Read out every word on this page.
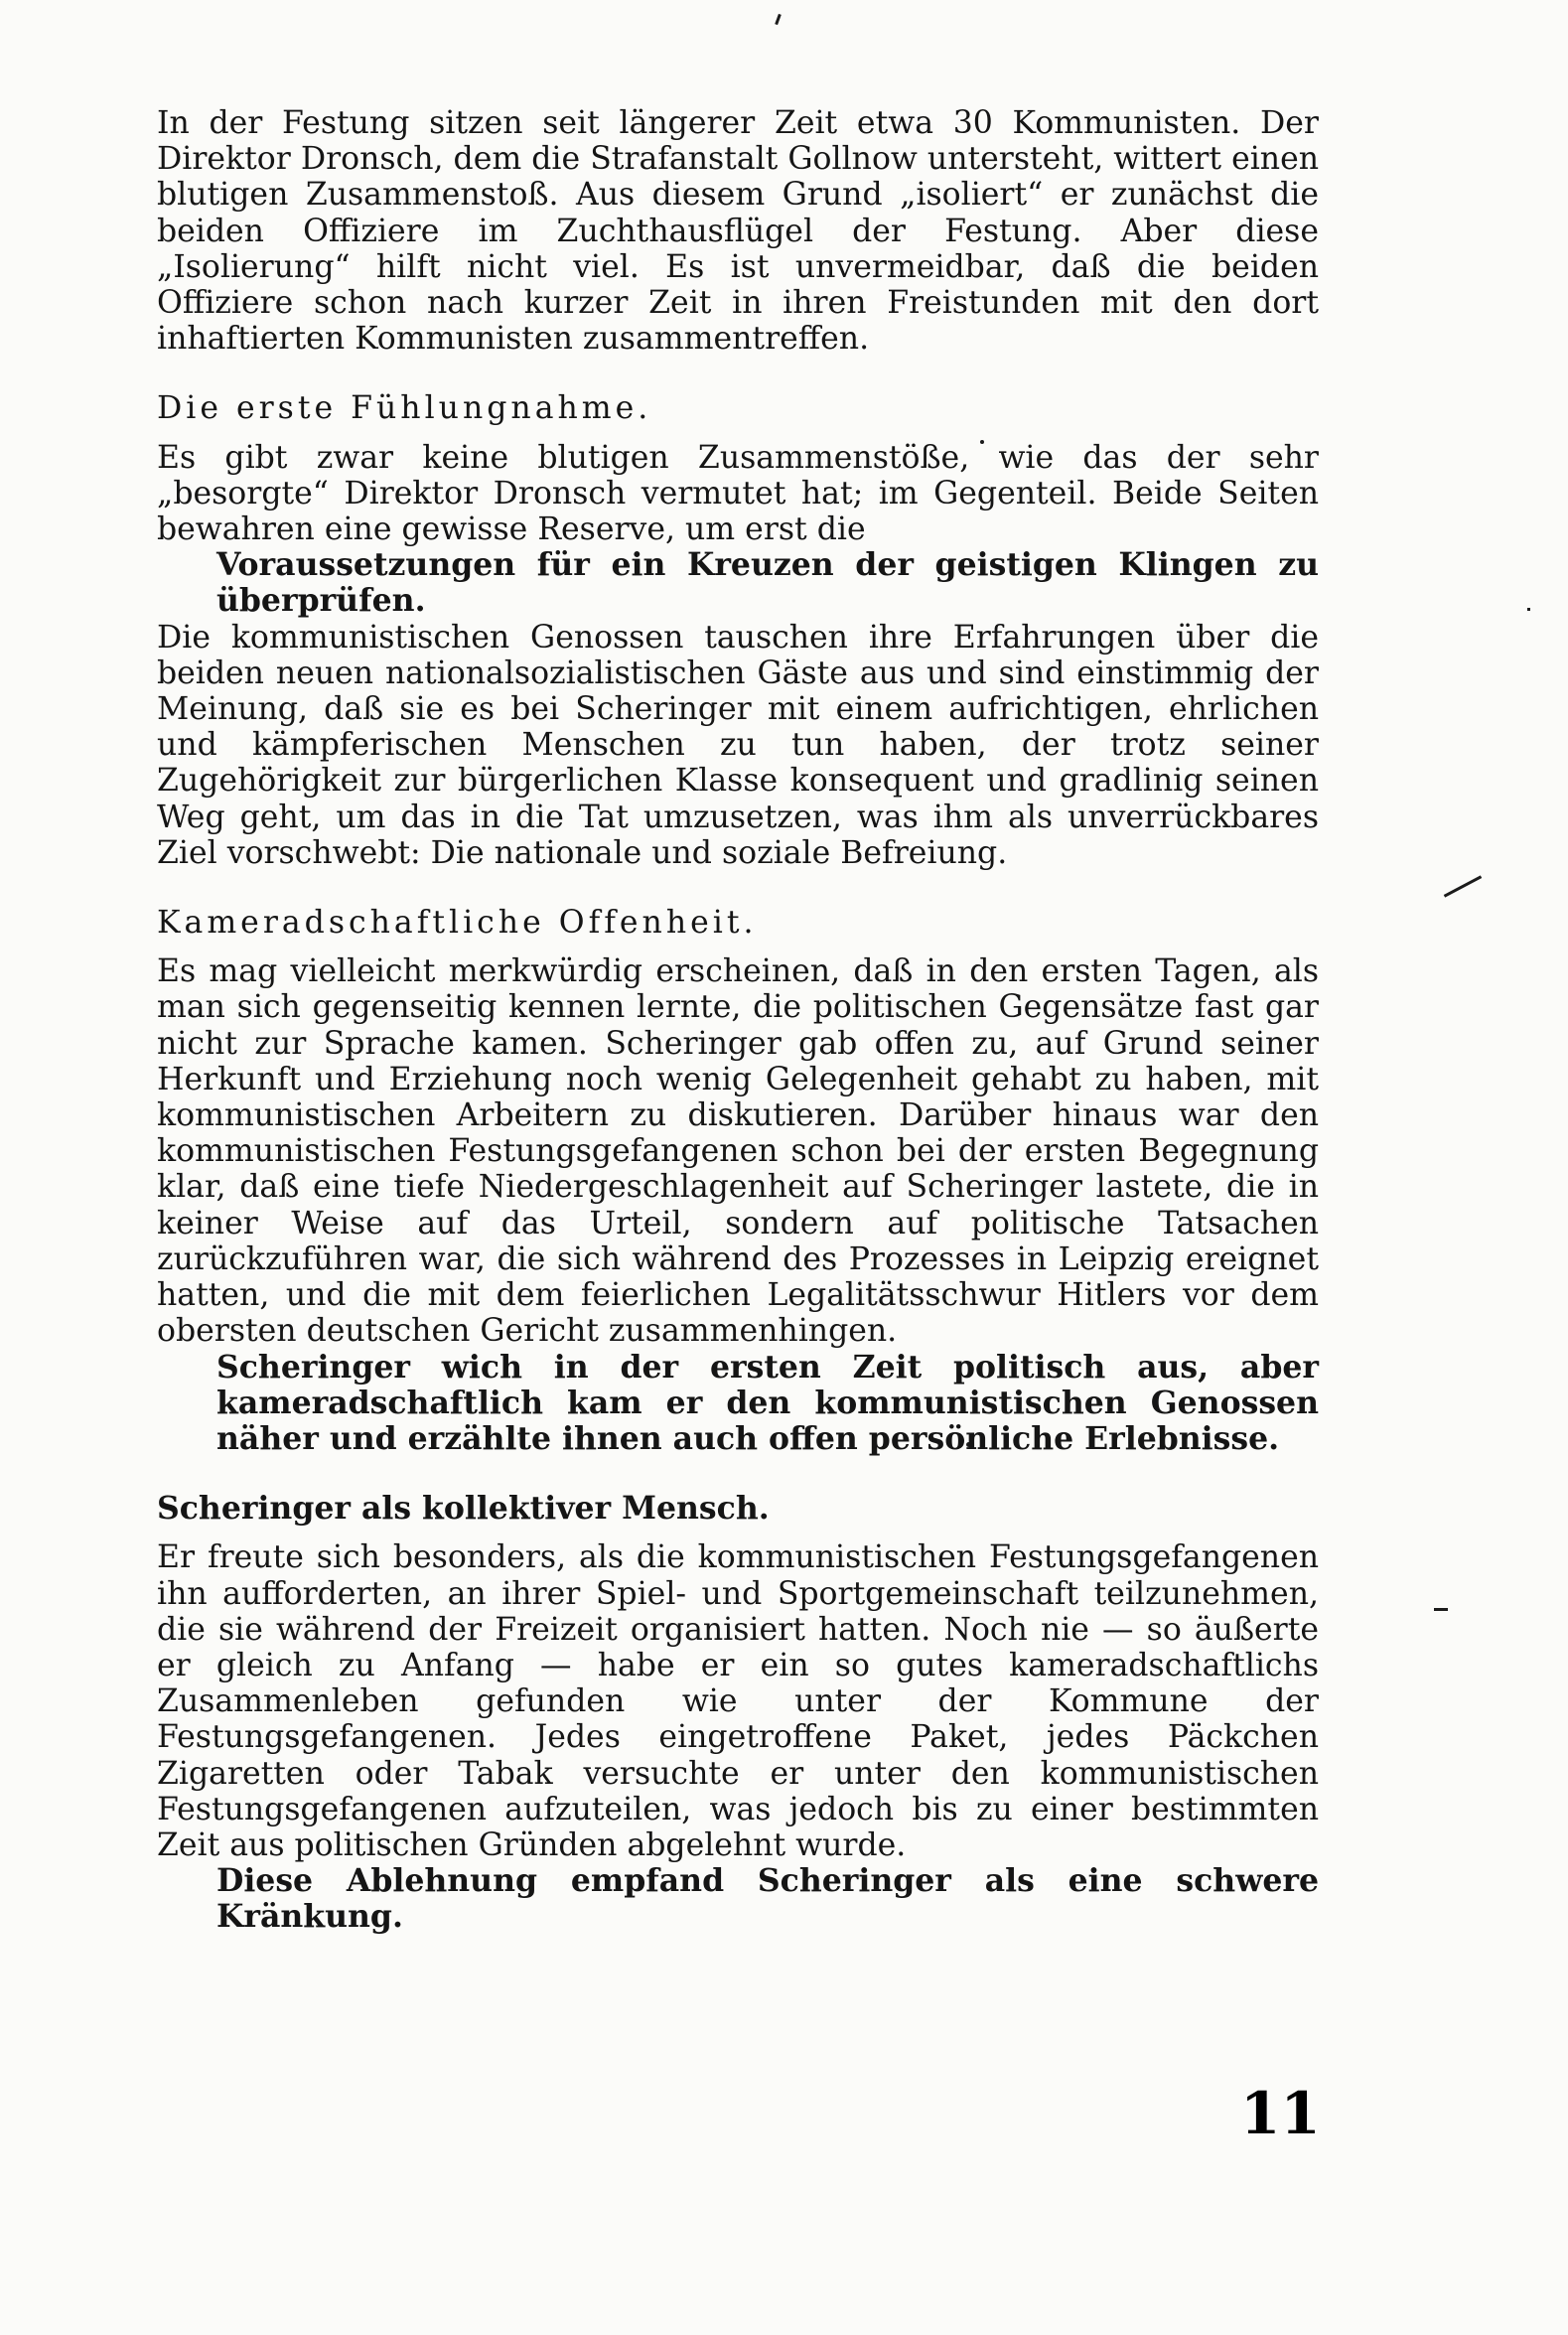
In der Festung sitzen seit längerer Zeit etwa 30 Kommunisten. Der Direktor Dronsch, dem die Strafanstalt Gollnow untersteht, wittert einen blutigen Zusammenstoß. Aus diesem Grund „isoliert“ er zunächst die beiden Offiziere im Zuchthausflügel der Festung. Aber diese „Isolierung“ hilft nicht viel. Es ist unvermeidbar, daß die beiden Offiziere schon nach kurzer Zeit in ihren Freistunden mit den dort inhaftierten Kommunisten zusammentreffen.

Die erste Fühlungnahme.

Es gibt zwar keine blutigen Zusammenstöße, wie das der sehr „besorgte“ Direktor Dronsch vermutet hat; im Gegenteil. Beide Seiten bewahren eine gewisse Reserve, um erst die

Voraussetzungen für ein Kreuzen der geistigen Klingen zu überprüfen.

Die kommunistischen Genossen tauschen ihre Erfahrungen über die beiden neuen nationalsozialistischen Gäste aus und sind einstimmig der Meinung, daß sie es bei Scheringer mit einem aufrichtigen, ehrlichen und kämpferischen Menschen zu tun haben, der trotz seiner Zugehörigkeit zur bürgerlichen Klasse konsequent und gradlinig seinen Weg geht, um das in die Tat umzusetzen, was ihm als unverrückbares Ziel vorschwebt: Die nationale und soziale Befreiung.

Kameradschaftliche Offenheit.

Es mag vielleicht merkwürdig erscheinen, daß in den ersten Tagen, als man sich gegenseitig kennen lernte, die politischen Gegensätze fast gar nicht zur Sprache kamen. Scheringer gab offen zu, auf Grund seiner Herkunft und Erziehung noch wenig Gelegenheit gehabt zu haben, mit kommunistischen Arbeitern zu diskutieren. Darüber hinaus war den kommunistischen Festungsgefangenen schon bei der ersten Begegnung klar, daß eine tiefe Niedergeschlagenheit auf Scheringer lastete, die in keiner Weise auf das Urteil, sondern auf politische Tatsachen zurückzuführen war, die sich während des Prozesses in Leipzig ereignet hatten, und die mit dem feierlichen Legalitätsschwur Hitlers vor dem obersten deutschen Gericht zusammenhingen.

Scheringer wich in der ersten Zeit politisch aus, aber kameradschaftlich kam er den kommunistischen Genossen näher und erzählte ihnen auch offen persönliche Erlebnisse.

Scheringer als kollektiver Mensch.

Er freute sich besonders, als die kommunistischen Festungsgefangenen ihn aufforderten, an ihrer Spiel- und Sportgemeinschaft teilzunehmen, die sie während der Freizeit organisiert hatten. Noch nie — so äußerte er gleich zu Anfang — habe er ein so gutes kameradschaftlichs Zusammenleben gefunden wie unter der Kommune der Festungsgefangenen. Jedes eingetroffene Paket, jedes Päckchen Zigaretten oder Tabak versuchte er unter den kommunistischen Festungsgefangenen aufzuteilen, was jedoch bis zu einer bestimmten Zeit aus politischen Gründen abgelehnt wurde.

Diese Ablehnung empfand Scheringer als eine schwere Kränkung.

11
